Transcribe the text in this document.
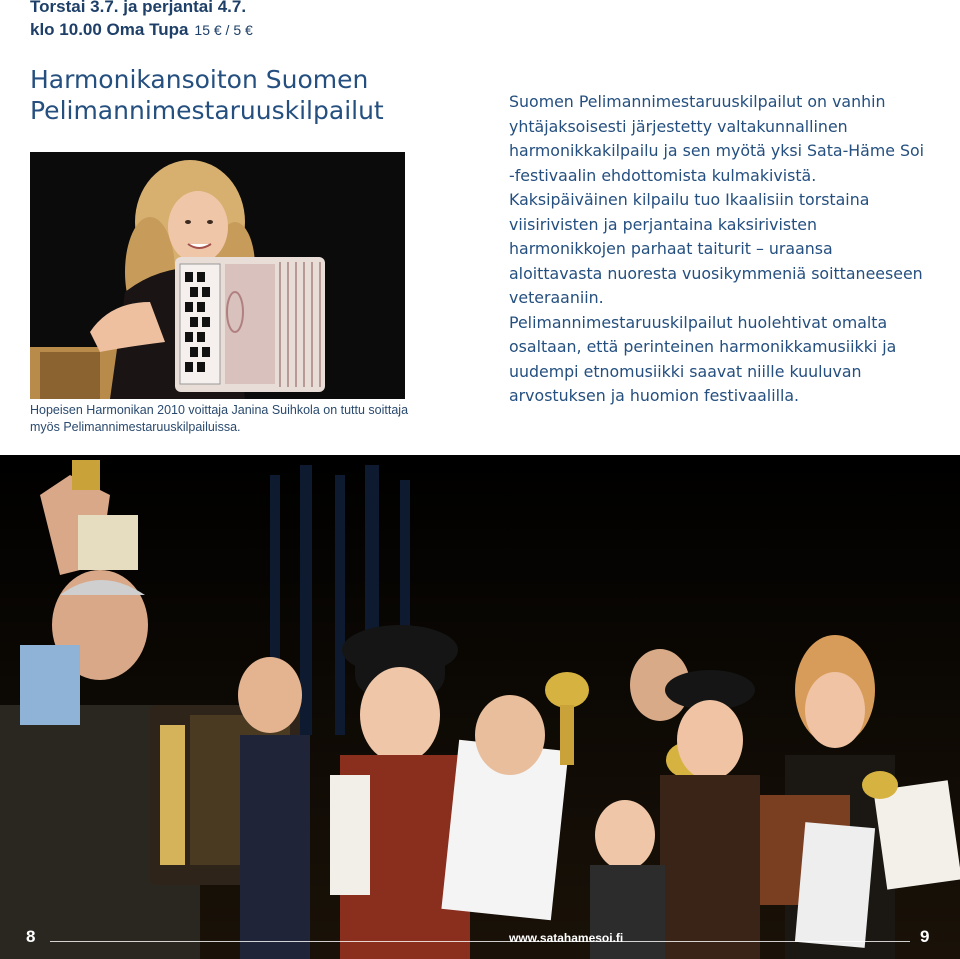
Torstai 3.7. ja perjantai 4.7.
klo 10.00 Oma Tupa 15 € / 5 €
Harmonikansoiton Suomen
Pelimannimestaruuskilpailut
Hopeisen Harmonikan 2010 voittaja Janina Suihkola on tuttu soittaja
myös Pelimannimestaruuskilpailuissa.

Suomen Pelimannimestaruuskilpailut on vanhin yhtäjaksoisesti järjestetty valtakunnallinen harmonikkakilpailu ja sen myötä yksi Sata-Häme Soi -festivaalin ehdottomista kulmakivistä.

Kaksipäiväinen kilpailu tuo Ikaalisiin torstaina viisirivisten ja perjantaina kaksirivisten harmonikkojen parhaat taiturit – uraansa aloittavasta nuoresta vuosikymmeniä soittaneeseen veteraaniin.

Pelimannimestaruuskilpailut huolehtivat omalta osaltaan, että perinteinen harmonikkamusiikki ja uudempi etnomusiikki saavat niille kuuluvan arvostuksen ja huomion festivaalilla.

8	www.satahamesoi.fi	9
